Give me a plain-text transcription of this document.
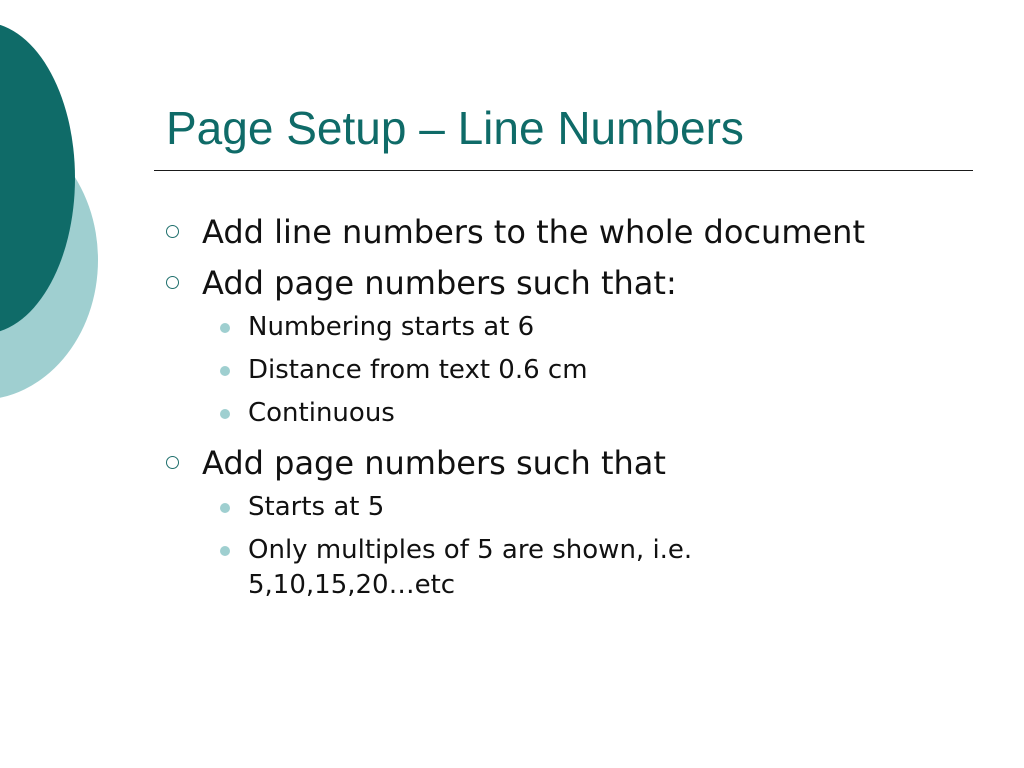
Page Setup – Line Numbers
Add line numbers to the whole document
Add page numbers such that:
Numbering starts at 6
Distance from text 0.6 cm
Continuous
Add page numbers such that
Starts at 5
Only multiples of 5 are shown, i.e. 5,10,15,20…etc
